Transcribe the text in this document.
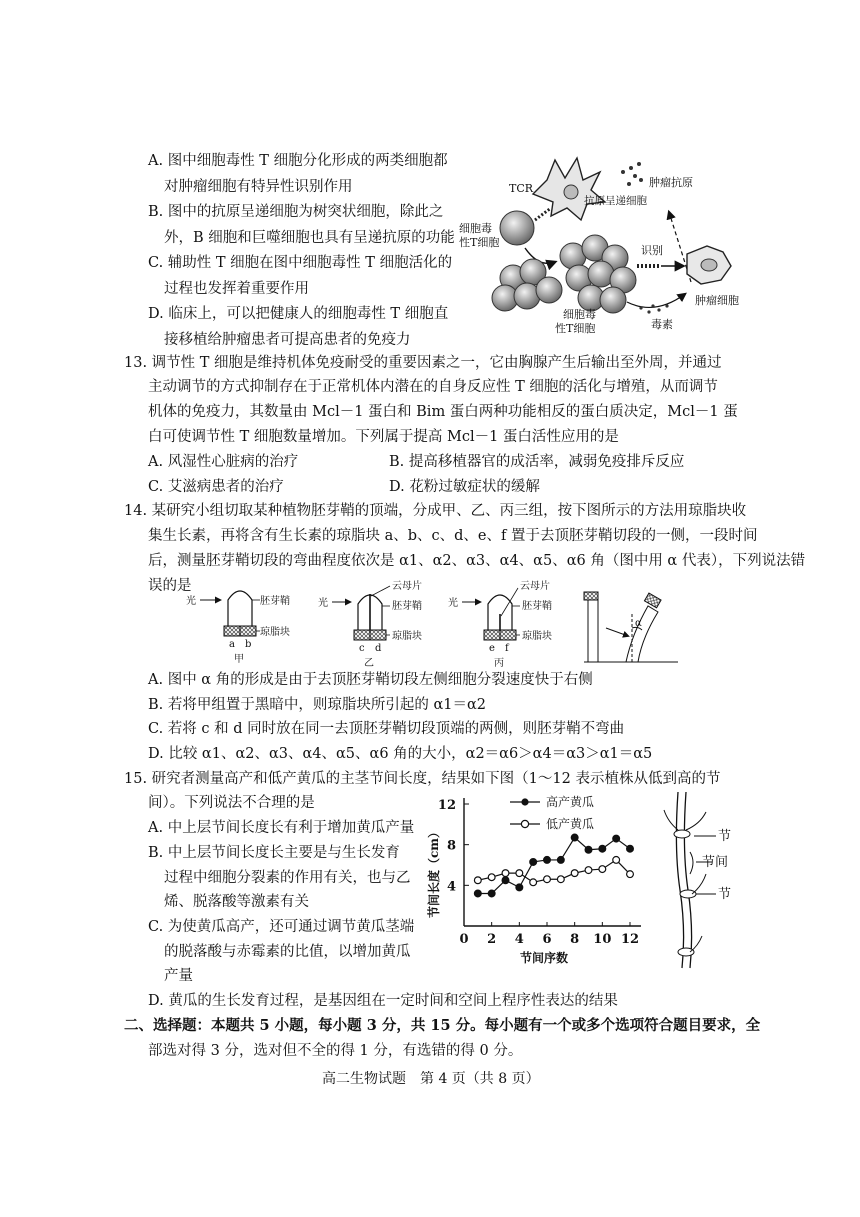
A. 图中细胞毒性 T 细胞分化形成的两类细胞都
对肿瘤细胞有特异性识别作用
B. 图中的抗原呈递细胞为树突状细胞，除此之
外，B 细胞和巨噬细胞也具有呈递抗原的功能
C. 辅助性 T 细胞在图中细胞毒性 T 细胞活化的
过程也发挥着重要作用
D. 临床上，可以把健康人的细胞毒性 T 细胞直
接移植给肿瘤患者可提高患者的免疫力
TCR
抗原呈递细胞
肿瘤抗原
细胞毒
性T细胞
识别
肿瘤细胞
毒素
细胞毒
性T细胞
13. 调节性 T 细胞是维持机体免疫耐受的重要因素之一，它由胸腺产生后输出至外周，并通过
主动调节的方式抑制存在于正常机体内潜在的自身反应性 T 细胞的活化与增殖，从而调节
机体的免疫力，其数量由 Mcl－1 蛋白和 Bim 蛋白两种功能相反的蛋白质决定，Mcl－1 蛋
白可使调节性 T 细胞数量增加。下列属于提高 Mcl－1 蛋白活性应用的是
A. 风湿性心脏病的治疗	B. 提高移植器官的成活率，减弱免疫排斥反应
C. 艾滋病患者的治疗	D. 花粉过敏症状的缓解
14. 某研究小组切取某种植物胚芽鞘的顶端，分成甲、乙、丙三组，按下图所示的方法用琼脂块收
集生长素，再将含有生长素的琼脂块 a、b、c、d、e、f 置于去顶胚芽鞘切段的一侧，一段时间
后，测量胚芽鞘切段的弯曲程度依次是 α1、α2、α3、α4、α5、α6 角（图中用 α 代表），下列说法错
误的是
光	胚芽鞘
琼脂块
a b
甲
光
云母片
胚芽鞘
琼脂块
c d
乙
光
云母片
胚芽鞘
琼脂块
e f
丙
α
A. 图中 α 角的形成是由于去顶胚芽鞘切段左侧细胞分裂速度快于右侧
B. 若将甲组置于黑暗中，则琼脂块所引起的 α1＝α2
C. 若将 c 和 d 同时放在同一去顶胚芽鞘切段顶端的两侧，则胚芽鞘不弯曲
D. 比较 α1、α2、α3、α4、α5、α6 角的大小，α2＝α6＞α4＝α3＞α1＝α5
15. 研究者测量高产和低产黄瓜的主茎节间长度，结果如下图（1～12 表示植株从低到高的节
间）。下列说法不合理的是
A. 中上层节间长度长有利于增加黄瓜产量
B. 中上层节间长度长主要是与生长发育
过程中细胞分裂素的作用有关，也与乙
烯、脱落酸等激素有关
C. 为使黄瓜高产，还可通过调节黄瓜茎端
的脱落酸与赤霉素的比值，以增加黄瓜
产量
4
8
12
0 2 4 6 8 10 12
节间长度（cm）
节间序数
高产黄瓜
低产黄瓜
节
节间
节
D. 黄瓜的生长发育过程，是基因组在一定时间和空间上程序性表达的结果
二、选择题：本题共 5 小题，每小题 3 分，共 15 分。每小题有一个或多个选项符合题目要求，全
部选对得 3 分，选对但不全的得 1 分，有选错的得 0 分。
高二生物试题　第 4 页（共 8 页）
